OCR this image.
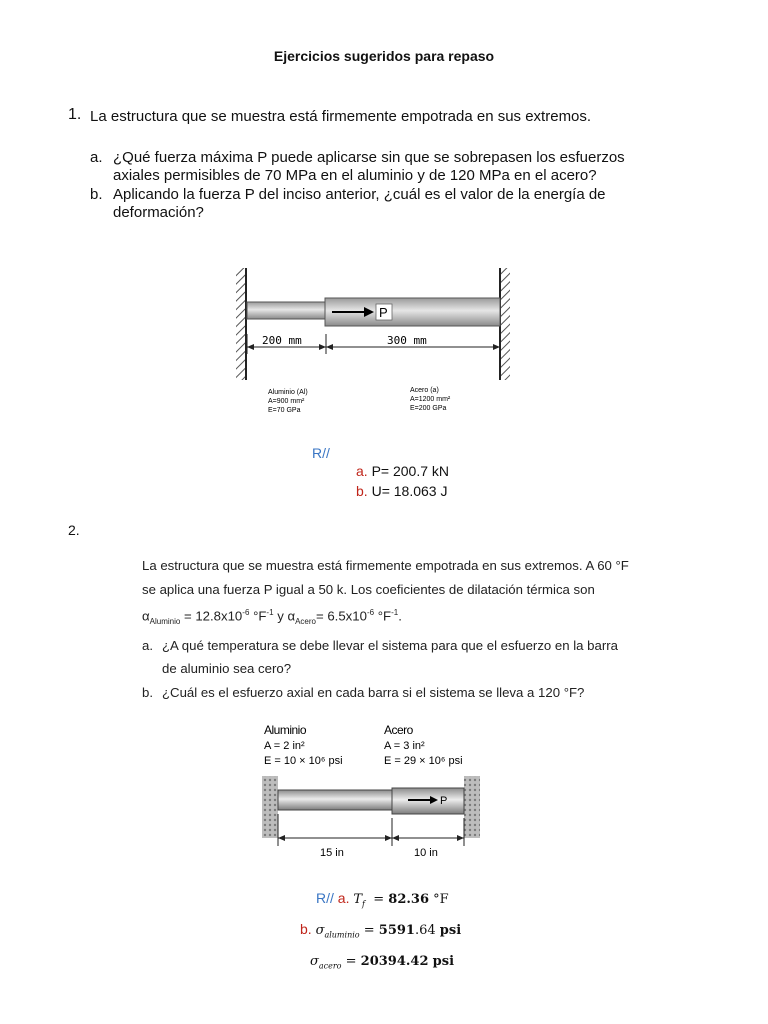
Ejercicios sugeridos para repaso
1. La estructura que se muestra está firmemente empotrada en sus extremos.
a. ¿Qué fuerza máxima P puede aplicarse sin que se sobrepasen los esfuerzos
axiales permisibles de 70 MPa en el aluminio y de 120 MPa en el acero?
b. Aplicando la fuerza P del inciso anterior, ¿cuál es el valor de la energía de
deformación?
P
200 mm	300 mm
Aluminio (Al)
A=900 mm²
E=70 GPa
Acero (a)
A=1200 mm²
E=200 GPa
R//
a. P= 200.7 kN
b. U= 18.063 J
2.
La estructura que se muestra está firmemente empotrada en sus extremos. A 60 °F
se aplica una fuerza P igual a 50 k. Los coeficientes de dilatación térmica son
$\alpha_{Aluminio} = 12.8x10^{-6}$ $^\circ F^{-1}$ y $\alpha_{Acero}= 6.5x10^{-6}$ $^\circ F^{-1}$.
a. ¿A qué temperatura se debe llevar el sistema para que el esfuerzo en la barra
de aluminio sea cero?
b. ¿Cuál es el esfuerzo axial en cada barra si el sistema se lleva a 120 °F?
Aluminio
A = 2 in²
E = 10 × 10⁶ psi
Acero
A = 3 in²
E = 29 × 10⁶ psi
P
15 in	10 in
R// a. $T_f = 82.36$ °F
b. $\sigma_{aluminio} = 5591.64$ psi
$\sigma_{acero} = 20394.42$ psi
